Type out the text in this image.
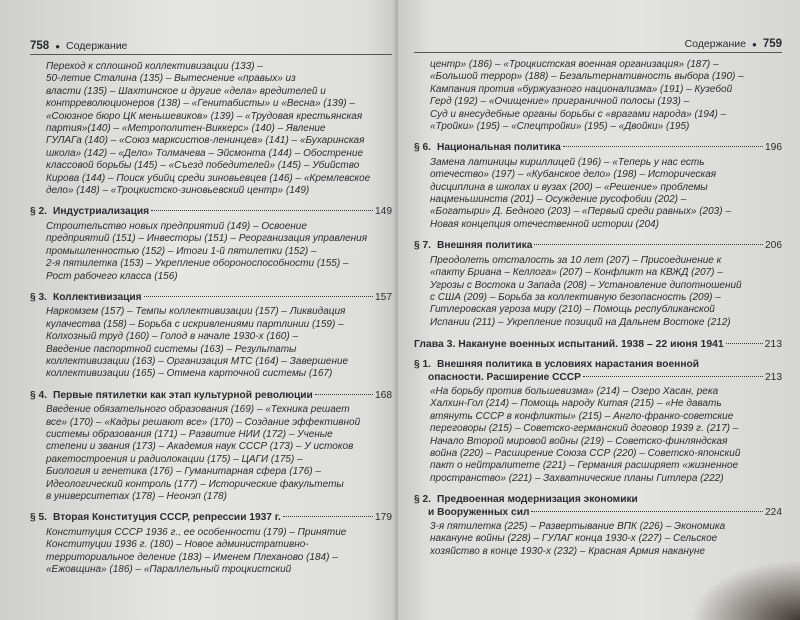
758 ● Содержание
Переход к сплошной коллективизации (133) –
50-летие Сталина (135) – Вытеснение «правых» из
власти (135) – Шахтинское и другие «дела» вредителей и
контрреволюционеров (138) – «Генитабисты» и «Весна» (139) –
«Союзное бюро ЦК меньшевиков» (139) – «Трудовая крестьянская
партия»(140) – «Метрополитен-Виккерс» (140) – Явление
ГУЛАГа (140) – «Союз марксистов-ленинцев» (141) – «Бухаринская
школа» (142) – «Дело» Толмачева – Эйсмонта (144) – Обострение
классовой борьбы (145) – «Съезд победителей» (145) – Убийство
Кирова (144) – Поиск убийц среди зиновьевцев (146) – «Кремлевское
дело» (148) – «Троцкистско-зиновьевский центр» (149)
§ 2. Индустриализация	149
Строительство новых предприятий (149) – Освоение
предприятий (151) – Инвесторы (151) – Реорганизация управления
промышленностью (152) – Итоги 1-й пятилетки (152) –
2-я пятилетка (153) – Укрепление обороноспособности (155) –
Рост рабочего класса (156)
§ 3. Коллективизация	157
Наркомзем (157) – Темпы коллективизации (157) – Ликвидация
кулачества (158) – Борьба с искривлениями партлинии (159) –
Колхозный труд (160) – Голод в начале 1930-х (160) –
Введение паспортной системы (163) – Результаты
коллективизации (163) – Организация МТС (164) – Завершение
коллективизации (165) – Отмена карточной системы (167)
§ 4. Первые пятилетки как этап культурной революции	168
Введение обязательного образования (169) – «Техника решает
все» (170) – «Кадры решают все» (170) – Создание эффективной
системы образования (171) – Развитие НИИ (172) – Ученые
степени и звания (173) – Академия наук СССР (173) – У истоков
ракетостроения и радиолокации (175) – ЦАГИ (175) –
Биология и генетика (176) – Гуманитарная сфера (176) –
Идеологический контроль (177) – Исторические факультеты
в университетах (178) – Неонэп (178)
§ 5. Вторая Конституция СССР, репрессии 1937 г.	179
Конституция СССР 1936 г., ее особенности (179) – Принятие
Конституции 1936 г. (180) – Новое административно-
территориальное деление (183) – Именем Плеханово (184) –
«Ежовщина» (186) – «Параллельный троцкистский
Содержание ● 759
центр» (186) – «Троцкистская военная организация» (187) –
«Большой террор» (188) – Безальтернативность выбора (190) –
Кампания против «буржуазного национализма» (191) – Кузебой
Герд (192) – «Очищение» приграничной полосы (193) –
Суд и внесудебные органы борьбы с «врагами народа» (194) –
«Тройки» (195) – «Спецтройки» (195) – «Двойки» (195)
§ 6. Национальная политика	196
Замена латиницы кириллицей (196) – «Теперь у нас есть
отечество» (197) – «Кубанское дело» (198) – Историческая
дисциплина в школах и вузах (200) – «Решение» проблемы
нацменьшинств (201) – Осуждение русофобии (202) –
«Богатыри» Д. Бедного (203) – «Первый среди равных» (203) –
Новая концепция отечественной истории (204)
§ 7. Внешняя политика	206
Преодолеть отсталость за 10 лет (207) – Присоединение к
«пакту Бриана – Келлога» (207) – Конфликт на КВЖД (207) –
Угрозы с Востока и Запада (208) – Установление дипотношений
с США (209) – Борьба за коллективную безопасность (209) –
Гитлеровская угроза миру (210) – Помощь республиканской
Испании (211) – Укрепление позиций на Дальнем Востоке (212)
Глава 3. Накануне военных испытаний. 1938 – 22 июня 1941	213
§ 1. Внешняя политика в условиях нарастания военной
опасности. Расширение СССР	213
«На борьбу против большевизма» (214) – Озеро Хасан, река
Халхин-Гол (214) – Помощь народу Китая (215) – «Не давать
втянуть СССР в конфликты» (215) – Англо-франко-советские
переговоры (215) – Советско-германский договор 1939 г. (217) –
Начало Второй мировой войны (219) – Советско-финляндская
война (220) – Расширение Союза ССР (220) – Советско-японский
пакт о нейтралитете (221) – Германия расширяет «жизненное
пространство» (221) – Захватнические планы Гитлера (222)
§ 2. Предвоенная модернизация экономики
и Вооруженных сил	224
3-я пятилетка (225) – Развертывание ВПК (226) – Экономика
накануне войны (228) – ГУЛАГ конца 1930-х (227) – Сельское
хозяйство в конце 1930-х (232) – Красная Армия накануне
